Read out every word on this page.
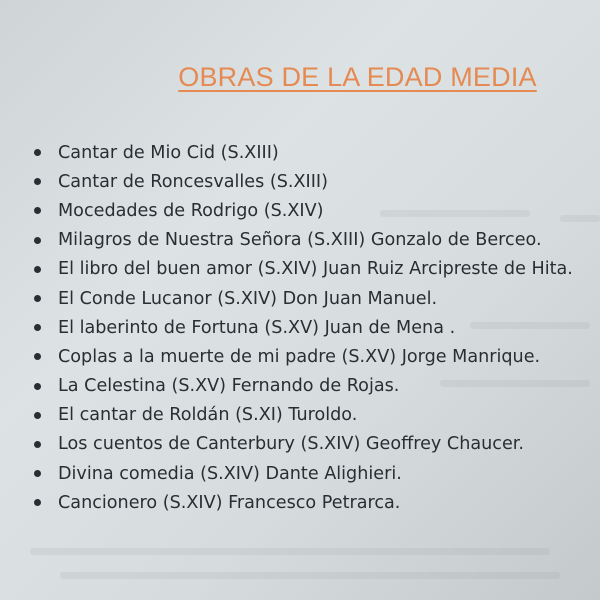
OBRAS DE LA EDAD MEDIA
Cantar de Mio Cid (S.XIII)
Cantar de Roncesvalles (S.XIII)
Mocedades de Rodrigo (S.XIV)
Milagros de Nuestra Señora (S.XIII) Gonzalo de Berceo.
El libro del buen amor (S.XIV) Juan Ruiz Arcipreste de Hita.
El Conde Lucanor (S.XIV) Don Juan Manuel.
El laberinto de Fortuna (S.XV) Juan de Mena .
Coplas a la muerte de mi padre (S.XV) Jorge Manrique.
La Celestina (S.XV) Fernando de Rojas.
El cantar de Roldán (S.XI) Turoldo.
Los cuentos de Canterbury (S.XIV) Geoffrey Chaucer.
Divina comedia (S.XIV) Dante Alighieri.
Cancionero (S.XIV) Francesco Petrarca.
